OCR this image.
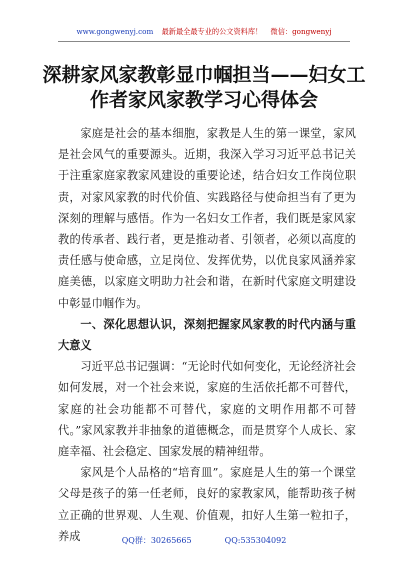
www.gongwenyj.com 最新最全最专业的公文资料库！ 微信：gongwenyj
深耕家风家教彰显巾帼担当——妇女工作者家风家教学习心得体会

家庭是社会的基本细胞，家教是人生的第一课堂，家风是社会风气的重要源头。近期，我深入学习习近平总书记关于注重家庭家教家风建设的重要论述，结合妇女工作岗位职责，对家风家教的时代价值、实践路径与使命担当有了更为深刻的理解与感悟。作为一名妇女工作者，我们既是家风家教的传承者、践行者，更是推动者、引领者，必须以高度的责任感与使命感，立足岗位、发挥优势，以优良家风涵养家庭美德，以家庭文明助力社会和谐，在新时代家庭文明建设中彰显巾帼作为。

一、深化思想认识，深刻把握家风家教的时代内涵与重大意义

习近平总书记强调：“无论时代如何变化，无论经济社会如何发展，对一个社会来说，家庭的生活依托都不可替代，家庭的社会功能都不可替代，家庭的文明作用都不可替代。”家风家教并非抽象的道德概念，而是贯穿个人成长、家庭幸福、社会稳定、国家发展的精神纽带。

家风是个人品格的“培育皿”。家庭是人生的第一个课堂父母是孩子的第一任老师，良好的家教家风，能帮助孩子树立正确的世界观、人生观、价值观，扣好人生第一粒扣子，养成	QQ群：30265665	QQ:535304092
